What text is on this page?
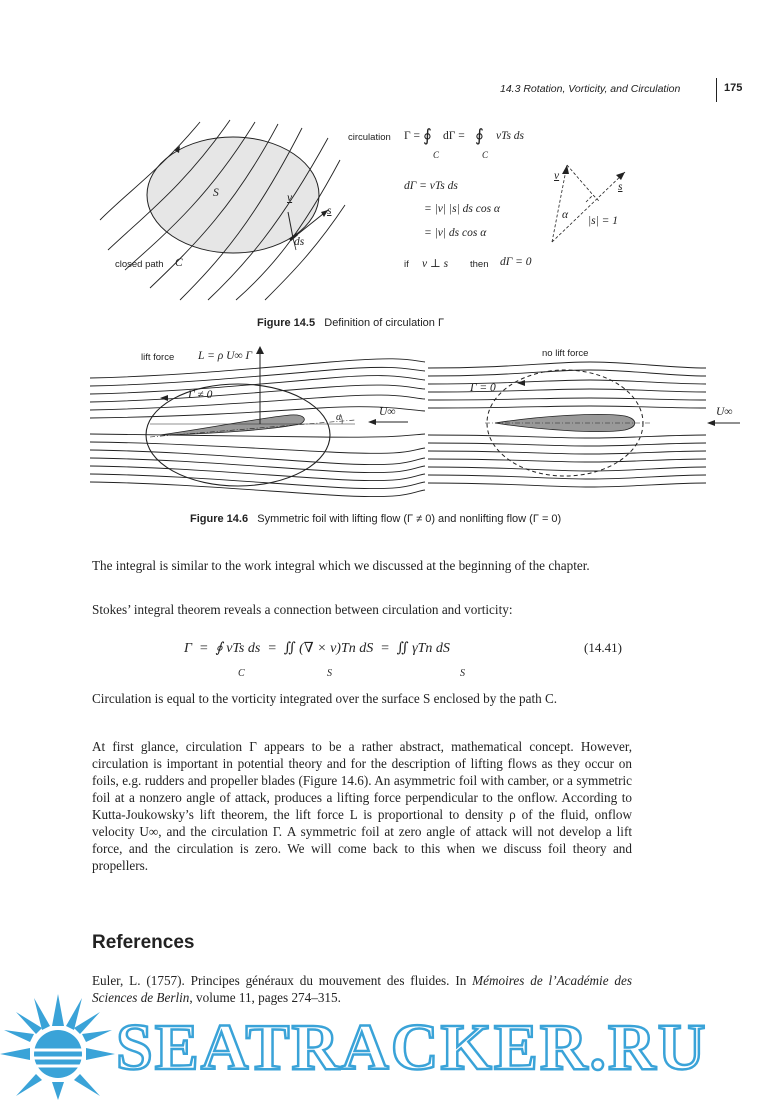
14.3 Rotation, Vorticity, and Circulation	175
S	v
s
ds
closed path C
circulation Γ = ∮
C
dΓ = ∮
C
vTs ds
dΓ = vTs ds
= |v| |s| ds cos α
= |v| ds cos α
if v ⊥ s then dΓ = 0
v
s
α |s| = 1
Figure 14.5 Definition of circulation Γ
lift force L = ρ U∞ Γ
Γ ≠ 0
α	U∞
no lift force
Γ = 0
U∞
Figure 14.6 Symmetric foil with lifting flow (Γ ≠ 0) and nonlifting flow (Γ = 0)

The integral is similar to the work integral which we discussed at the beginning of the chapter.

Stokes’ integral theorem reveals a connection between circulation and vorticity:

Γ  =  ∮ vTs ds  =  ∬ (∇ × v)Tn dS  =  ∬ γTn dS
C	S	S
(14.41)

Circulation is equal to the vorticity integrated over the surface S enclosed by the path C.

At first glance, circulation Γ appears to be a rather abstract, mathematical concept. However, circulation is important in potential theory and for the description of lifting flows as they occur on foils, e.g. rudders and propeller blades (Figure 14.6). An asymmetric foil with camber, or a symmetric foil at a nonzero angle of attack, produces a lifting force perpendicular to the onflow. According to Kutta-Joukowsky’s lift theorem, the lift force L is proportional to density ρ of the fluid, onflow velocity U∞, and the circulation Γ. A symmetric foil at zero angle of attack will not develop a lift force, and the circulation is zero. We will come back to this when we discuss foil theory and propellers.

References

Euler, L. (1757). Principes généraux du mouvement des fluides. In Mémoires de l’Académie des Sciences de Berlin, volume 11, pages 274–315.

SEATRACKER.RU
